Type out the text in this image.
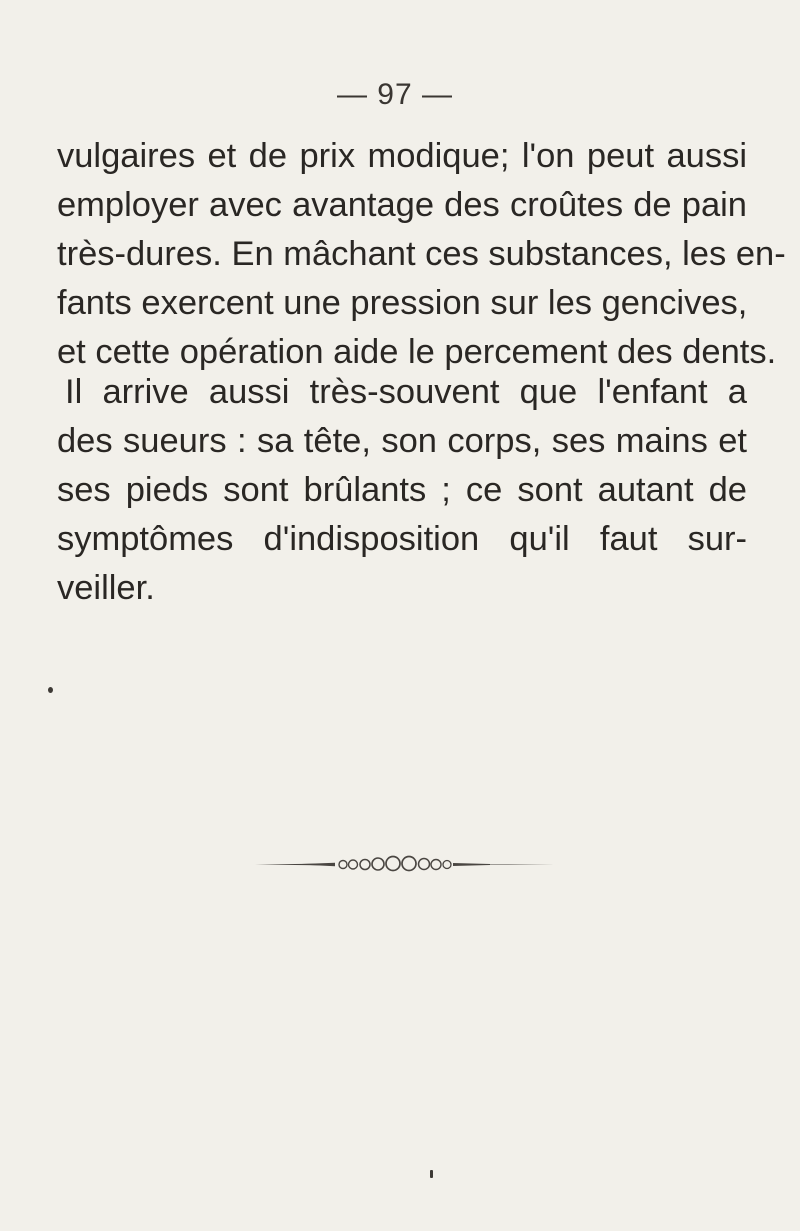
— 97 —

vulgaires et de prix modique; l'on peut aussi
employer avec avantage des croûtes de pain
très-dures. En mâchant ces substances, les en-
fants exercent une pression sur les gencives,
et cette opération aide le percement des dents.

Il arrive aussi très-souvent que l'enfant a
des sueurs : sa tête, son corps, ses mains et
ses pieds sont brûlants ; ce sont autant de
symptômes d'indisposition qu'il faut sur-
veiller.
